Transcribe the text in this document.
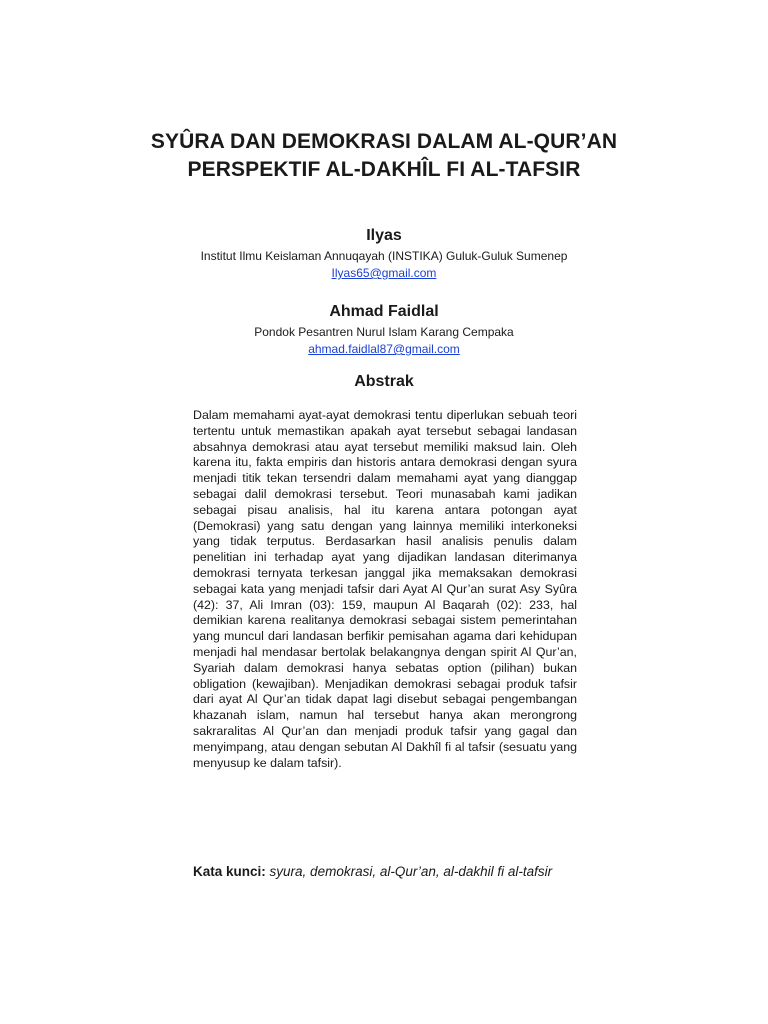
SYÛRA DAN DEMOKRASI DALAM AL-QUR’AN
PERSPEKTIF AL-DAKHÎL FI AL-TAFSIR
Ilyas
Institut Ilmu Keislaman Annuqayah (INSTIKA) Guluk-Guluk Sumenep
Ilyas65@gmail.com
Ahmad Faidlal
Pondok Pesantren Nurul Islam Karang Cempaka
ahmad.faidlal87@gmail.com
Abstrak
Dalam memahami ayat-ayat demokrasi tentu diperlukan sebuah teori tertentu untuk memastikan apakah ayat tersebut sebagai landasan absahnya demokrasi atau ayat tersebut memiliki maksud lain. Oleh karena itu, fakta empiris dan historis antara demokrasi dengan syura menjadi titik tekan tersendri dalam memahami ayat yang dianggap sebagai dalil demokrasi tersebut. Teori munasabah kami jadikan sebagai pisau analisis, hal itu karena antara potongan ayat (Demokrasi) yang satu dengan yang lainnya memiliki interkoneksi yang tidak terputus. Berdasarkan hasil analisis penulis dalam penelitian ini terhadap ayat yang dijadikan landasan diterimanya demokrasi ternyata terkesan janggal jika memaksakan demokrasi sebagai kata yang menjadi tafsir dari Ayat Al Qur’an surat Asy Syûra (42): 37, Ali Imran (03): 159, maupun Al Baqarah (02): 233, hal demikian karena realitanya demokrasi sebagai sistem pemerintahan yang muncul dari landasan berfikir pemisahan agama dari kehidupan menjadi hal mendasar bertolak belakangnya dengan spirit Al Qur’an, Syariah dalam demokrasi hanya sebatas option (pilihan) bukan obligation (kewajiban). Menjadikan demokrasi sebagai produk tafsir dari ayat Al Qur’an tidak dapat lagi disebut sebagai pengembangan khazanah islam, namun hal tersebut hanya akan merongrong sakraralitas Al Qur’an dan menjadi produk tafsir yang gagal dan menyimpang, atau dengan sebutan Al Dakhîl fi al tafsir (sesuatu yang menyusup ke dalam tafsir).
Kata kunci: syura, demokrasi, al-Qur’an, al-dakhil fi al-tafsir
